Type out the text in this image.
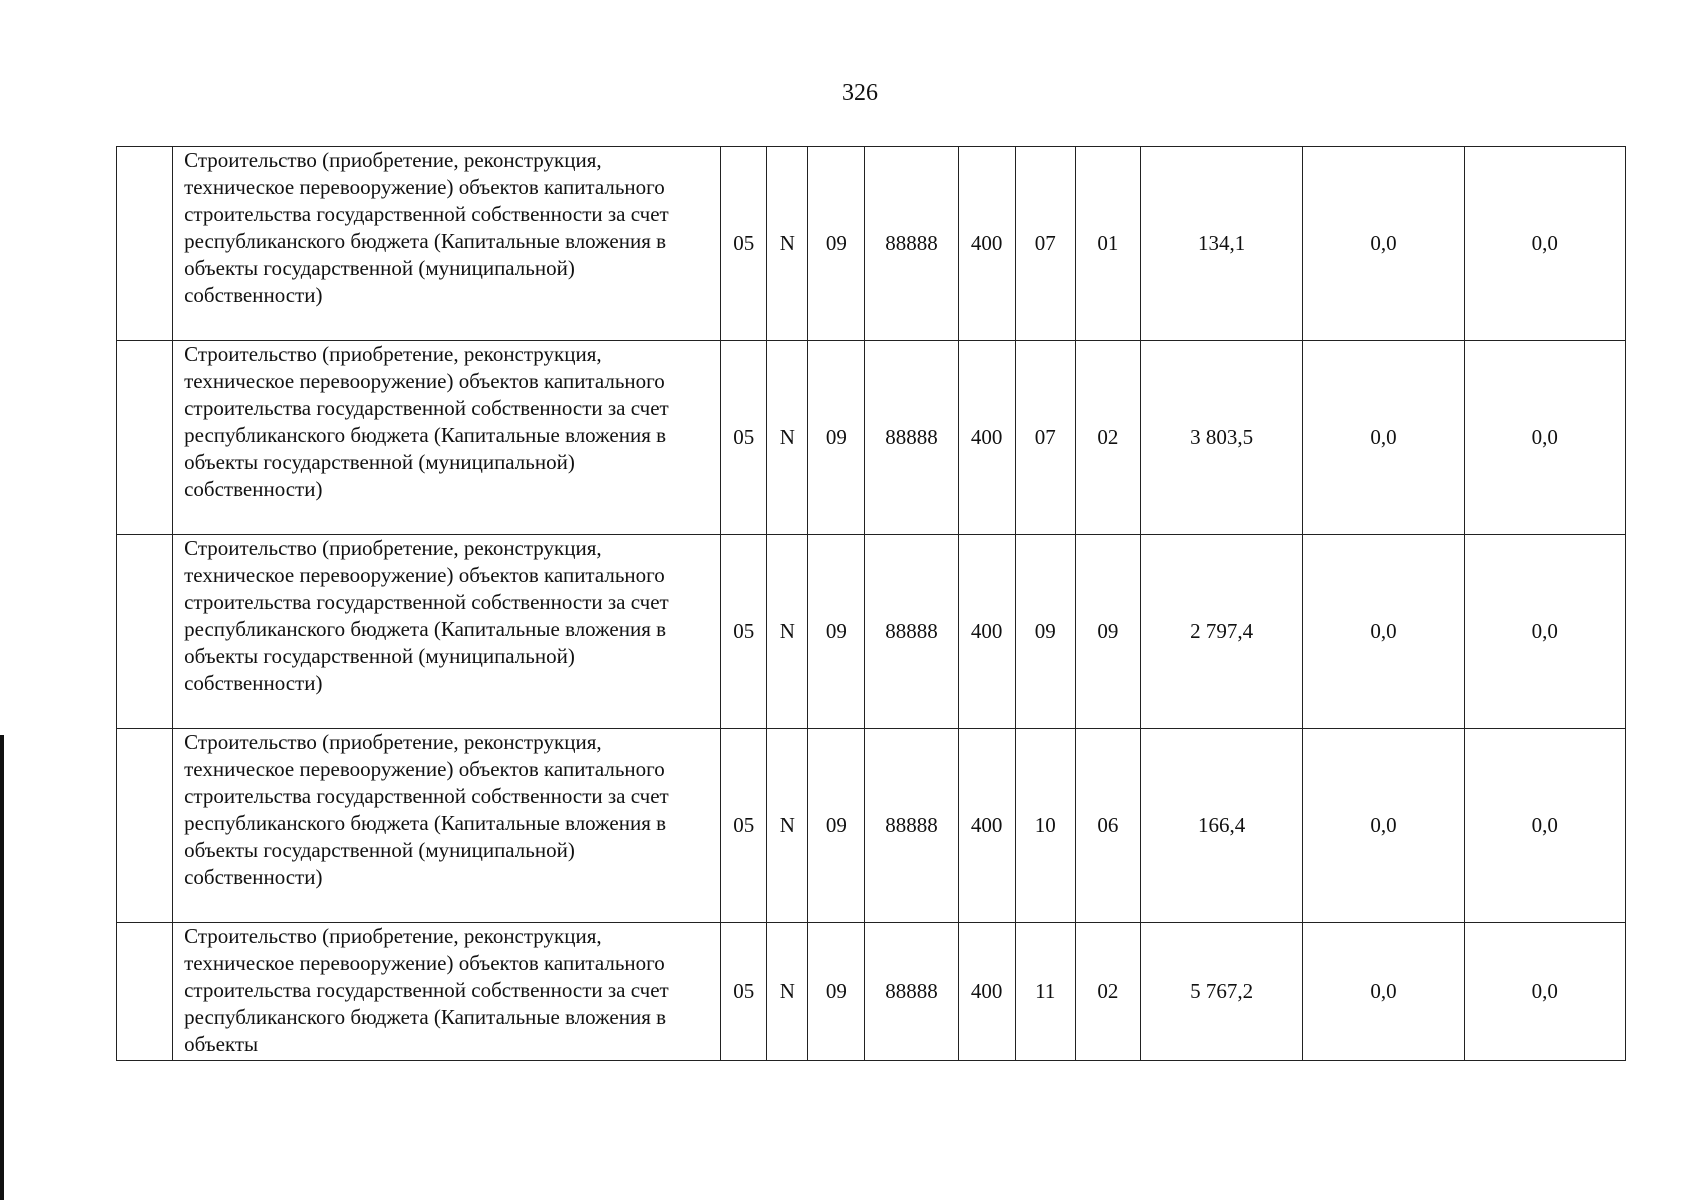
326
	Строительство (приобретение, реконструкция, техническое перевооружение) объектов капитального строительства государственной собственности за счет республиканского бюджета (Капитальные вложения в объекты государственной (муниципальной) собственности)	05	N	09	88888	400	07	01	134,1	0,0	0,0
	Строительство (приобретение, реконструкция, техническое перевооружение) объектов капитального строительства государственной собственности за счет республиканского бюджета (Капитальные вложения в объекты государственной (муниципальной) собственности)	05	N	09	88888	400	07	02	3 803,5	0,0	0,0
	Строительство (приобретение, реконструкция, техническое перевооружение) объектов капитального строительства государственной собственности за счет республиканского бюджета (Капитальные вложения в объекты государственной (муниципальной) собственности)	05	N	09	88888	400	09	09	2 797,4	0,0	0,0
	Строительство (приобретение, реконструкция, техническое перевооружение) объектов капитального строительства государственной собственности за счет республиканского бюджета (Капитальные вложения в объекты государственной (муниципальной) собственности)	05	N	09	88888	400	10	06	166,4	0,0	0,0
	Строительство (приобретение, реконструкция, техническое перевооружение) объектов капитального строительства государственной собственности за счет республиканского бюджета (Капитальные вложения в объекты	05	N	09	88888	400	11	02	5 767,2	0,0	0,0
